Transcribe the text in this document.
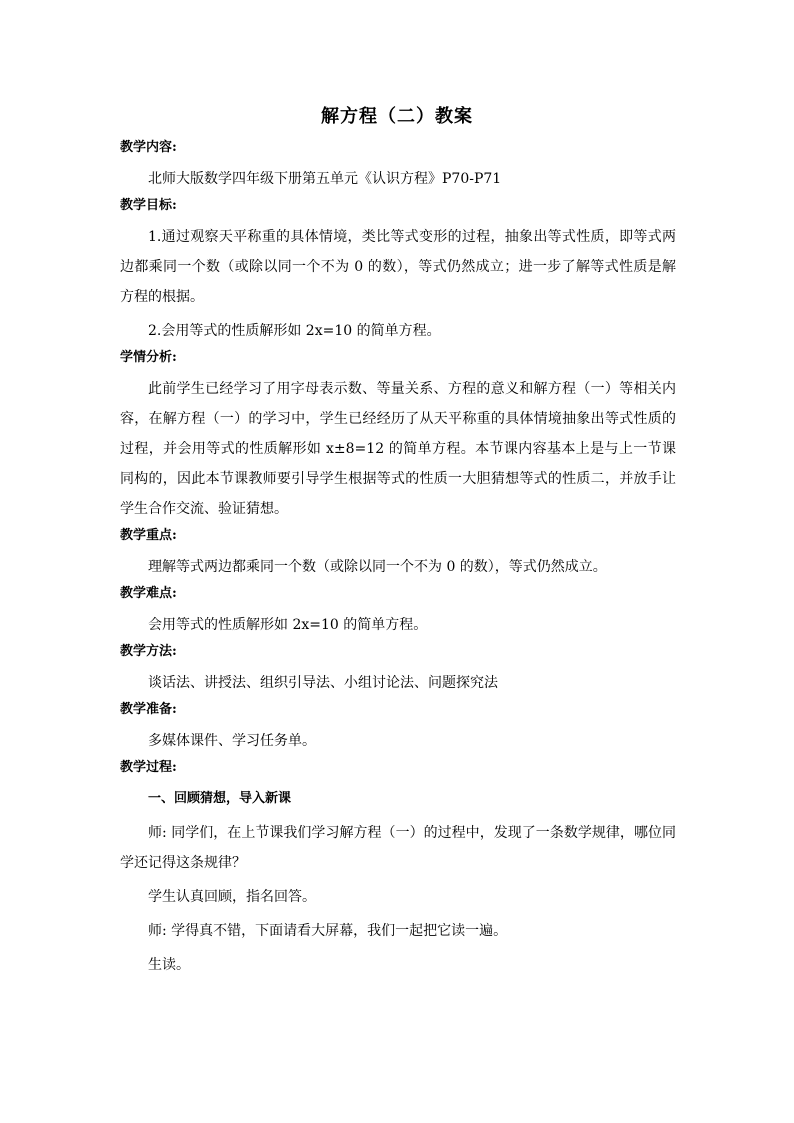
解方程（二）教案
教学内容:
北师大版数学四年级下册第五单元《认识方程》P70-P71
教学目标:
1.通过观察天平称重的具体情境，类比等式变形的过程，抽象出等式性质，即等式两边都乘同一个数（或除以同一个不为 0 的数），等式仍然成立；进一步了解等式性质是解方程的根据。
2.会用等式的性质解形如 2x=10 的简单方程。
学情分析:
此前学生已经学习了用字母表示数、等量关系、方程的意义和解方程（一）等相关内容，在解方程（一）的学习中，学生已经经历了从天平称重的具体情境抽象出等式性质的过程，并会用等式的性质解形如 x±8=12 的简单方程。本节课内容基本上是与上一节课同构的，因此本节课教师要引导学生根据等式的性质一大胆猜想等式的性质二，并放手让学生合作交流、验证猜想。
教学重点:
理解等式两边都乘同一个数（或除以同一个不为 0 的数），等式仍然成立。
教学难点:
会用等式的性质解形如 2x=10 的简单方程。
教学方法:
谈话法、讲授法、组织引导法、小组讨论法、问题探究法
教学准备:
多媒体课件、学习任务单。
教学过程:
一、回顾猜想，导入新课
师: 同学们，在上节课我们学习解方程（一）的过程中，发现了一条数学规律，哪位同学还记得这条规律？
学生认真回顾，指名回答。
师: 学得真不错，下面请看大屏幕，我们一起把它读一遍。
生读。
